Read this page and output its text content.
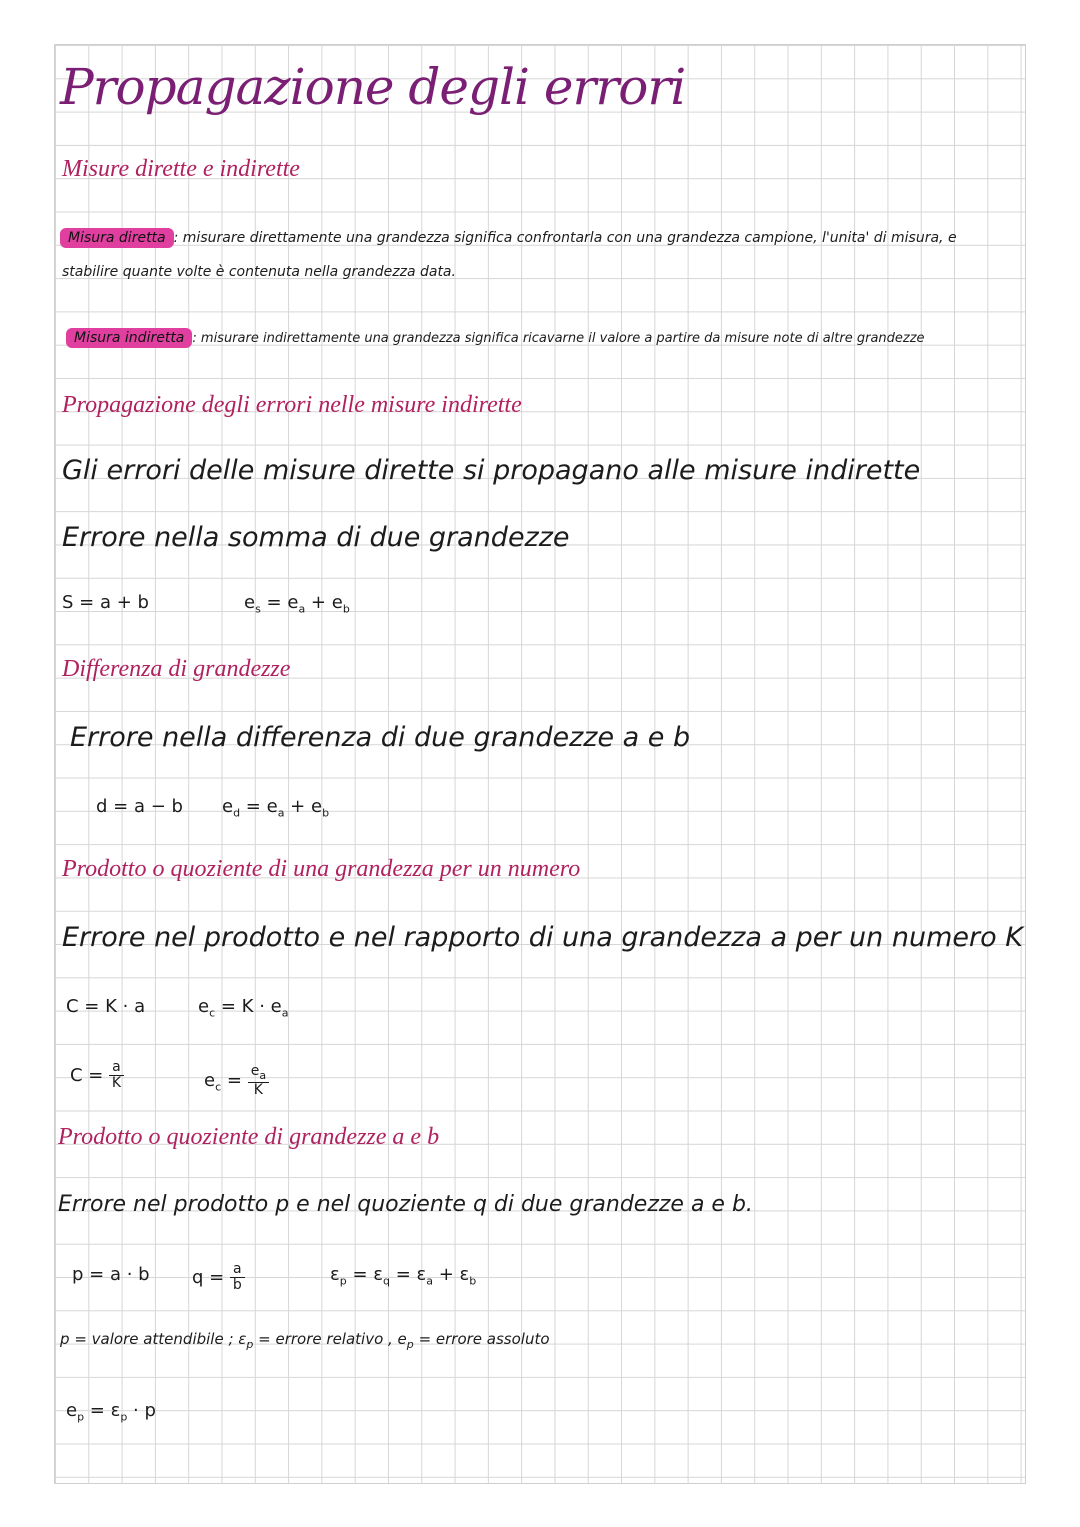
Propagazione degli errori
Misure dirette e indirette
Misura diretta : misurare direttamente una grandezza significa confrontarla con una grandezza campione, l'unita' di misura, e
stabilire quante volte è contenuta nella grandezza data.
Misura indiretta : misurare indirettamente una grandezza significa ricavarne il valore a partire da misure note di altre grandezze
Propagazione degli errori nelle misure indirette
Gli errori delle misure dirette si propagano alle misure indirette
Errore nella somma di due grandezze
S = a + b	$e_s = e_a + e_b$
Differenza di grandezze
Errore nella differenza di due grandezze a e b
d = a − b $e_d = e_a + e_b$
Prodotto o quoziente di una grandezza per un numero
Errore nel prodotto e nel rapporto di una grandezza a per un numero K
C = K · a	$e_c = K \cdot e_a$
$C = \frac{a}{K}$	$e_c = \frac{e_a}{K}$
Prodotto o quoziente di grandezze a e b
Errore nel prodotto p e nel quoziente q di due grandezze a e b.
p = a · b $q = \frac{a}{b}$	$\varepsilon_p = \varepsilon_q = \varepsilon_a + \varepsilon_b$
p = valore attendibile ; $\varepsilon_p$ = errore relativo , $e_p$ = errore assoluto
$e_p = \varepsilon_p \cdot p$
